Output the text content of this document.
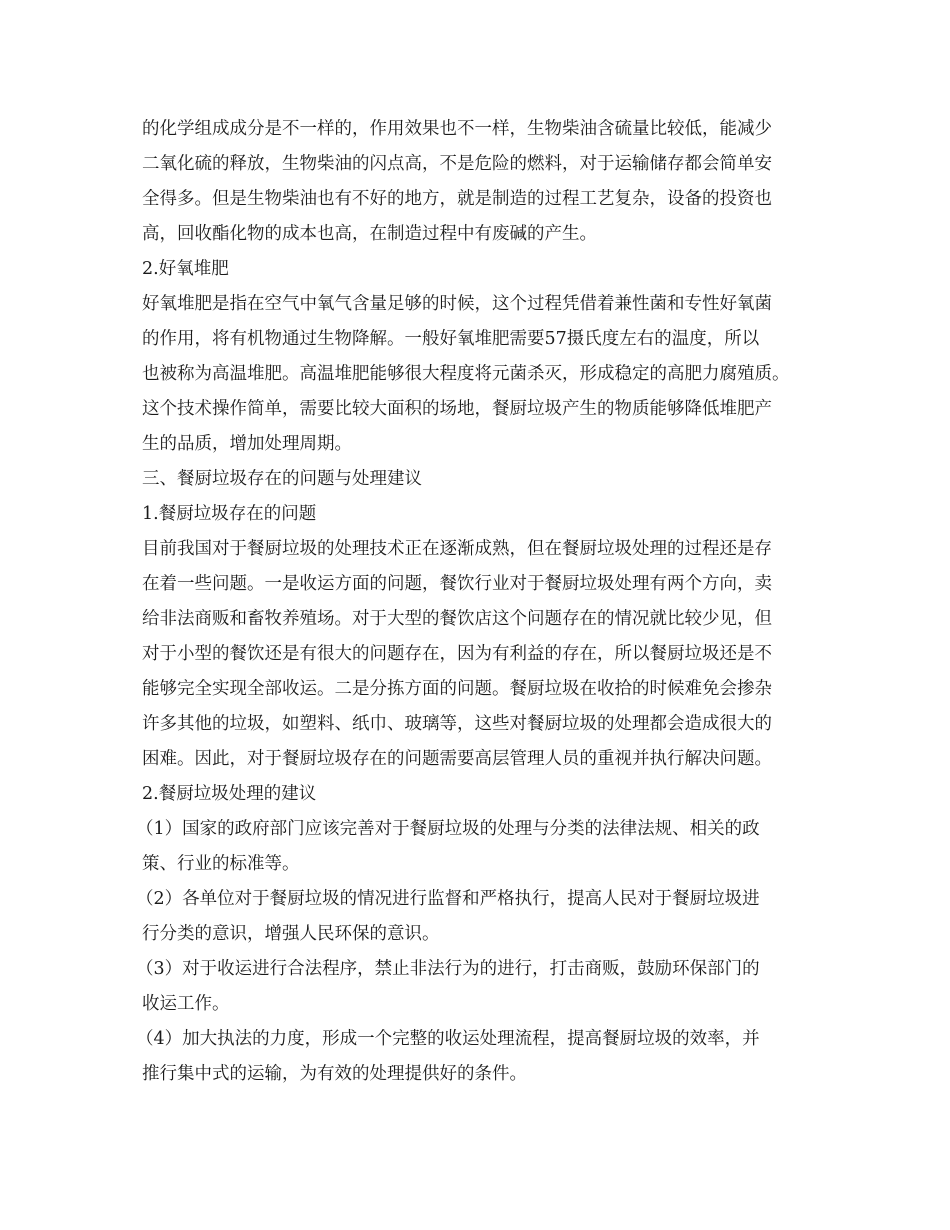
的化学组成成分是不一样的，作用效果也不一样，生物柴油含硫量比较低，能减少
二氧化硫的释放，生物柴油的闪点高，不是危险的燃料，对于运输储存都会简单安
全得多。但是生物柴油也有不好的地方，就是制造的过程工艺复杂，设备的投资也
高，回收酯化物的成本也高，在制造过程中有废碱的产生。
2.好氧堆肥
好氧堆肥是指在空气中氧气含量足够的时候，这个过程凭借着兼性菌和专性好氧菌
的作用，将有机物通过生物降解。一般好氧堆肥需要57摄氏度左右的温度，所以
也被称为高温堆肥。高温堆肥能够很大程度将元菌杀灭，形成稳定的高肥力腐殖质。
这个技术操作简单，需要比较大面积的场地，餐厨垃圾产生的物质能够降低堆肥产
生的品质，增加处理周期。
三、餐厨垃圾存在的问题与处理建议
1.餐厨垃圾存在的问题
目前我国对于餐厨垃圾的处理技术正在逐渐成熟，但在餐厨垃圾处理的过程还是存
在着一些问题。一是收运方面的问题，餐饮行业对于餐厨垃圾处理有两个方向，卖
给非法商贩和畜牧养殖场。对于大型的餐饮店这个问题存在的情况就比较少见，但
对于小型的餐饮还是有很大的问题存在，因为有利益的存在，所以餐厨垃圾还是不
能够完全实现全部收运。二是分拣方面的问题。餐厨垃圾在收拾的时候难免会掺杂
许多其他的垃圾，如塑料、纸巾、玻璃等，这些对餐厨垃圾的处理都会造成很大的
困难。因此，对于餐厨垃圾存在的问题需要高层管理人员的重视并执行解决问题。
2.餐厨垃圾处理的建议
（1）国家的政府部门应该完善对于餐厨垃圾的处理与分类的法律法规、相关的政
策、行业的标准等。
（2）各单位对于餐厨垃圾的情况进行监督和严格执行，提高人民对于餐厨垃圾进
行分类的意识，增强人民环保的意识。
（3）对于收运进行合法程序，禁止非法行为的进行，打击商贩，鼓励环保部门的
收运工作。
（4）加大执法的力度，形成一个完整的收运处理流程，提高餐厨垃圾的效率，并
推行集中式的运输，为有效的处理提供好的条件。
